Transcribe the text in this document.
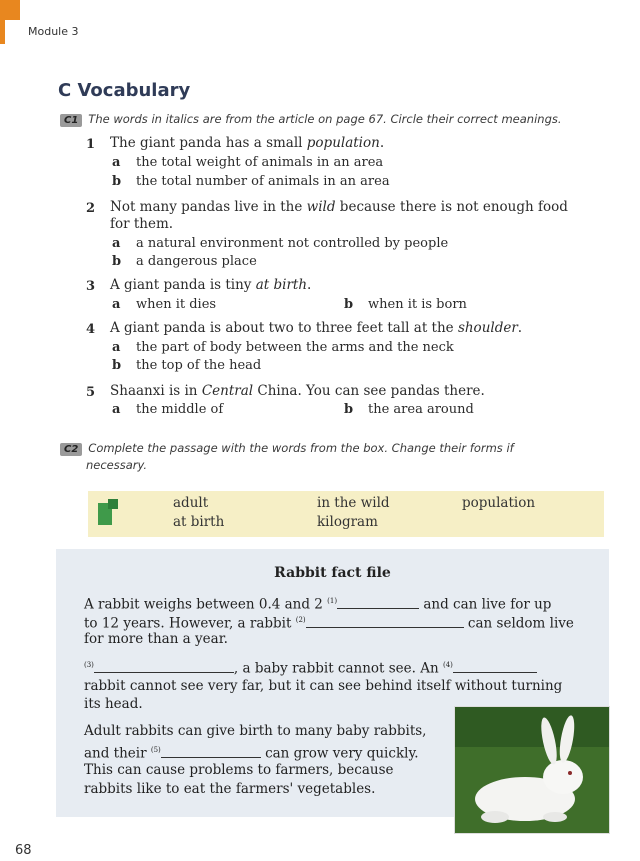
Module 3
C Vocabulary
C1 The words in italics are from the article on page 67. Circle their correct meanings.
1 The giant panda has a small population.
a the total weight of animals in an area
b the total number of animals in an area
2 Not many pandas live in the wild because there is not enough food
for them.
a a natural environment not controlled by people
b a dangerous place
3 A giant panda is tiny at birth.
a when it dies	b when it is born
4 A giant panda is about two to three feet tall at the shoulder.
a the part of body between the arms and the neck
b the top of the head
5 Shaanxi is in Central China. You can see pandas there.
a the middle of	b the area around
C2 Complete the passage with the words from the box. Change their forms if
necessary.
adult	in the wild	population
at birth	kilogram
Rabbit fact file
A rabbit weighs between 0.4 and 2 $^{(1)}$	and can live for up
to 12 years. However, a rabbit $^{(2)}$	can seldom live
for more than a year.
$^{(3)}$	, a baby rabbit cannot see. An $^{(4)}$
rabbit cannot see very far, but it can see behind itself without turning
its head.
Adult rabbits can give birth to many baby rabbits,
and their $^{(5)}$	can grow very quickly.
This can cause problems to farmers, because
rabbits like to eat the farmers' vegetables.
68
